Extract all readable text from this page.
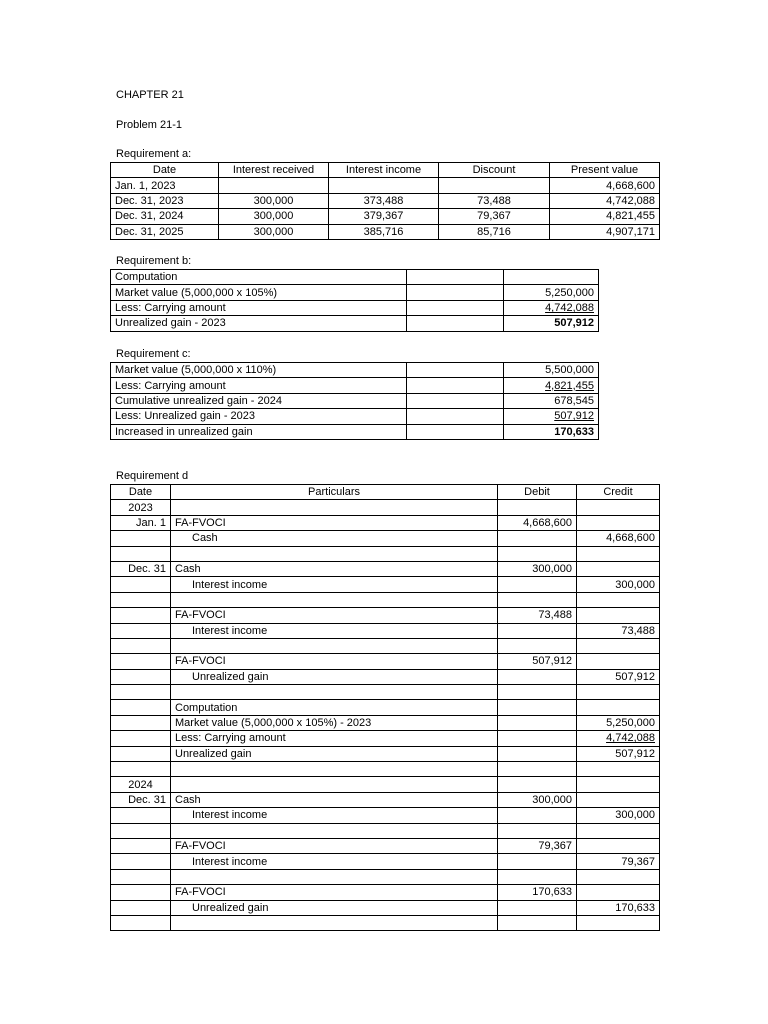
CHAPTER 21
Problem 21-1
Requirement a:
Date	Interest received	Interest income	Discount	Present value
Jan. 1, 2023				4,668,600
Dec. 31, 2023	300,000	373,488	73,488	4,742,088
Dec. 31, 2024	300,000	379,367	79,367	4,821,455
Dec. 31, 2025	300,000	385,716	85,716	4,907,171
Requirement b:
Computation		
Market value (5,000,000 x 105%)		5,250,000
Less: Carrying amount		4,742,088
Unrealized gain - 2023		507,912
Requirement c:
Market value (5,000,000 x 110%)		5,500,000
Less: Carrying amount		4,821,455
Cumulative unrealized gain - 2024		678,545
Less: Unrealized gain - 2023		507,912
Increased in unrealized gain		170,633
Requirement d
Date	Particulars	Debit	Credit
2023			
Jan. 1	FA-FVOCI	4,668,600	
	Cash		4,668,600

Dec. 31	Cash	300,000	
	Interest income		300,000

	FA-FVOCI	73,488	
	Interest income		73,488

	FA-FVOCI	507,912	
	Unrealized gain		507,912

	Computation		
	Market value (5,000,000 x 105%) - 2023		5,250,000
	Less: Carrying amount		4,742,088
	Unrealized gain		507,912

2024			
Dec. 31	Cash	300,000	
	Interest income		300,000

	FA-FVOCI	79,367	
	Interest income		79,367

	FA-FVOCI	170,633	
	Unrealized gain		170,633
